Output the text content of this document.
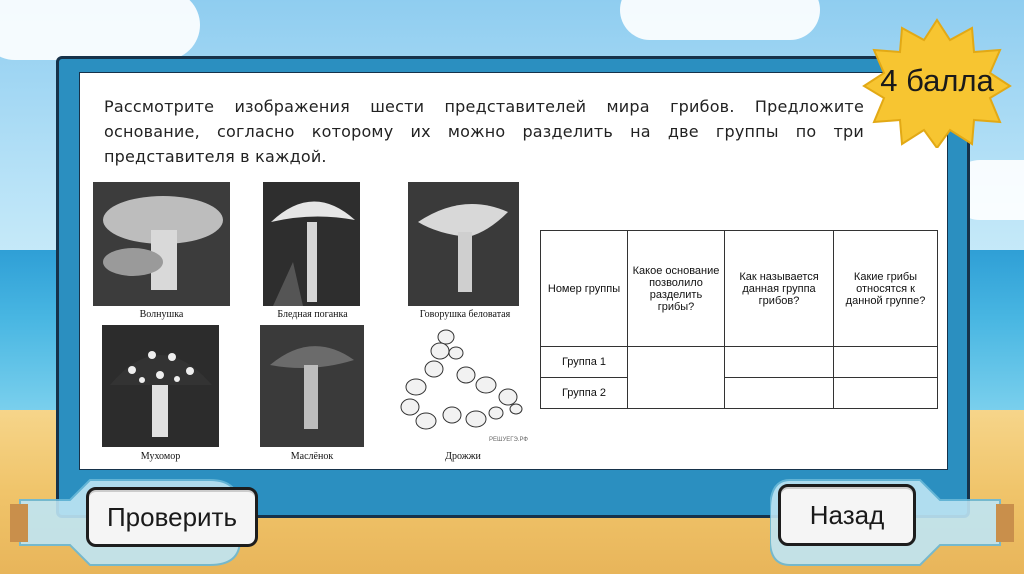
Рассмотрите изображения шести представителей мира грибов. Предложите основание, согласно которому их можно разделить на две группы по три представителя в каждой.
Волнушка	Бледная поганка	Говорушка беловатая
Мухомор	Маслёнок
РЕШУЕГЭ.РФ
Дрожжи
Номер группы	Какое основание позволило разделить грибы?	Как называется данная группа грибов?	Какие грибы относятся к данной группе?
Группа 1			
Группа 2			
4 балла
Проверить	Назад
